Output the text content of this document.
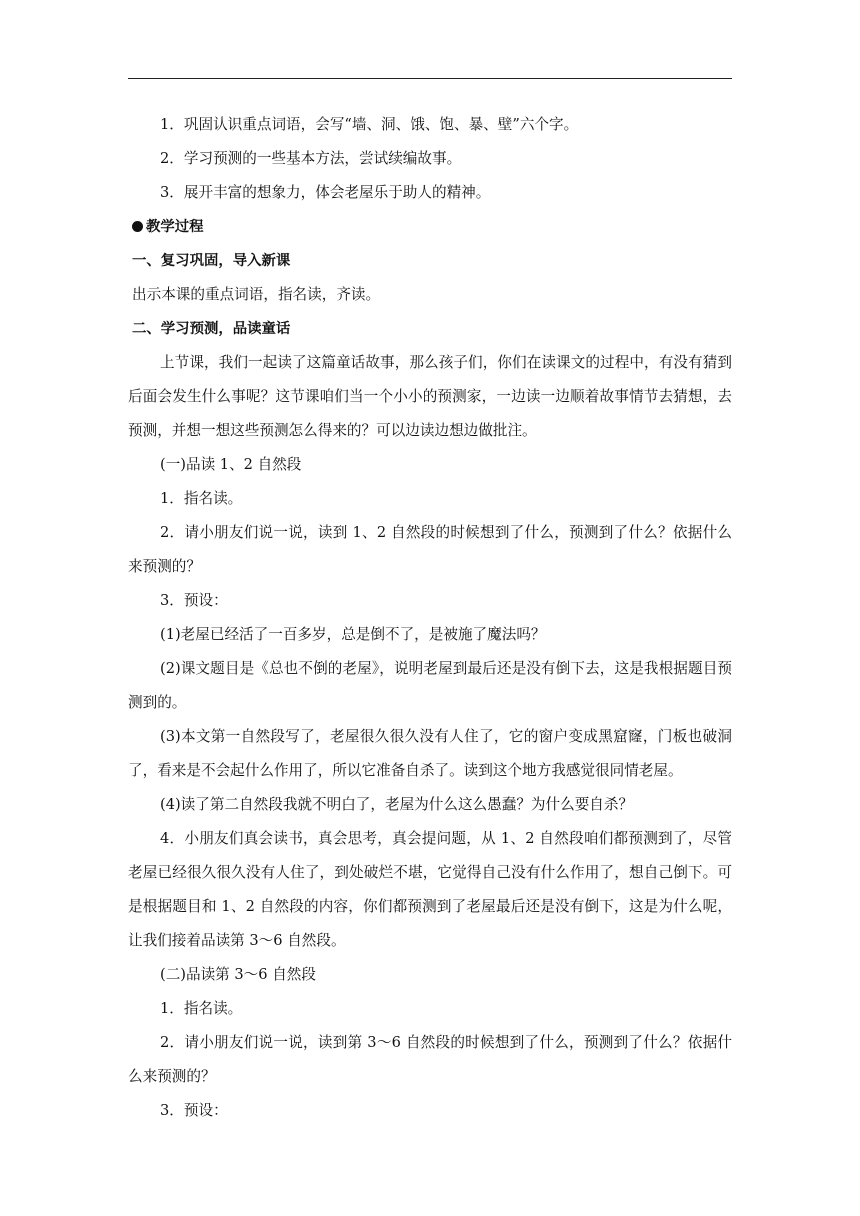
1．巩固认识重点词语，会写“墙、洞、饿、饱、暴、壁”六个字。

2．学习预测的一些基本方法，尝试续编故事。

3．展开丰富的想象力，体会老屋乐于助人的精神。

教学过程

一、复习巩固，导入新课

出示本课的重点词语，指名读，齐读。

二、学习预测，品读童话

上节课，我们一起读了这篇童话故事，那么孩子们，你们在读课文的过程中，有没有猜到后面会发生什么事呢？这节课咱们当一个小小的预测家，一边读一边顺着故事情节去猜想，去预测，并想一想这些预测怎么得来的？可以边读边想边做批注。

(一)品读 1、2 自然段

1．指名读。

2．请小朋友们说一说，读到 1、2 自然段的时候想到了什么，预测到了什么？依据什么来预测的？

3．预设：

(1)老屋已经活了一百多岁，总是倒不了，是被施了魔法吗？

(2)课文题目是《总也不倒的老屋》，说明老屋到最后还是没有倒下去，这是我根据题目预测到的。

(3)本文第一自然段写了，老屋很久很久没有人住了，它的窗户变成黑窟窿，门板也破洞了，看来是不会起什么作用了，所以它准备自杀了。读到这个地方我感觉很同情老屋。

(4)读了第二自然段我就不明白了，老屋为什么这么愚蠢？为什么要自杀？

4．小朋友们真会读书，真会思考，真会提问题，从 1、2 自然段咱们都预测到了，尽管老屋已经很久很久没有人住了，到处破烂不堪，它觉得自己没有什么作用了，想自己倒下。可是根据题目和 1、2 自然段的内容，你们都预测到了老屋最后还是没有倒下，这是为什么呢，让我们接着品读第 3～6 自然段。

(二)品读第 3～6 自然段

1．指名读。

2．请小朋友们说一说，读到第 3～6 自然段的时候想到了什么，预测到了什么？依据什么来预测的？

3．预设：
